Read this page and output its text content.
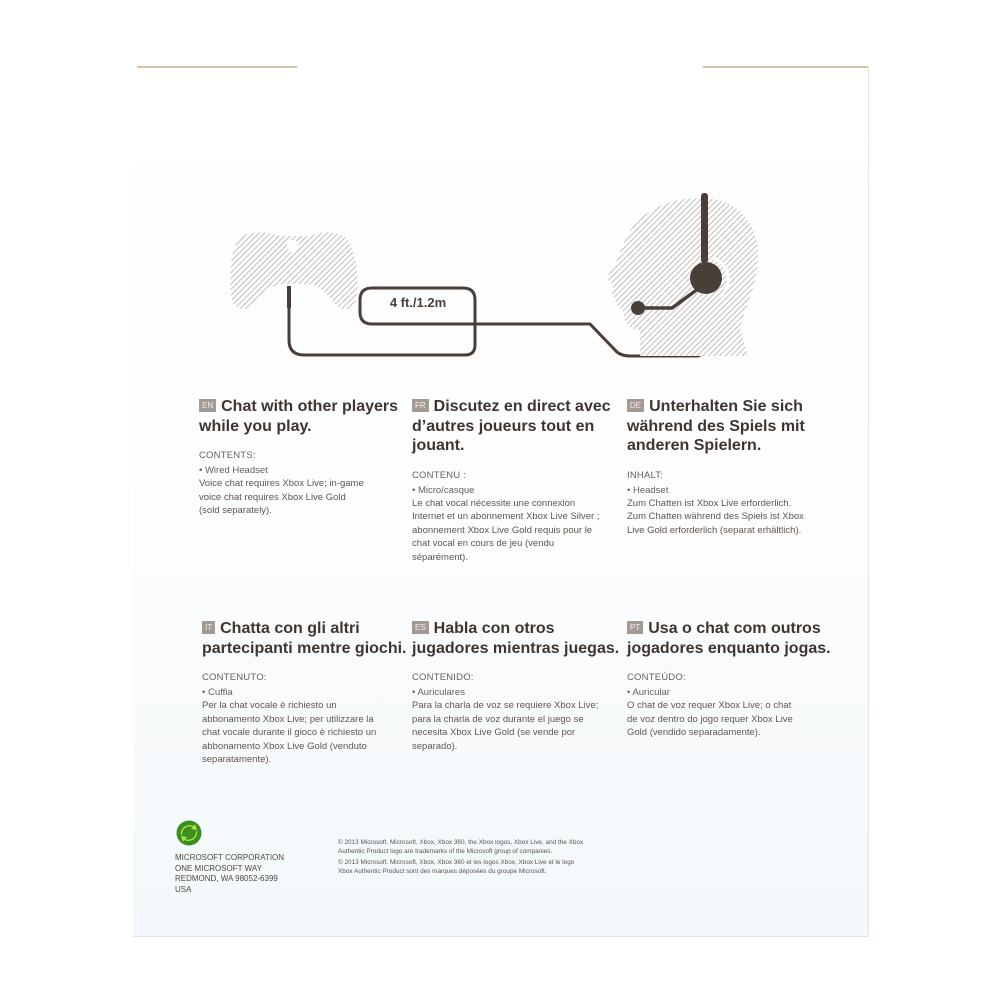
4 ft./1.2m

EN Chat with other players while you play.

CONTENTS:
• Wired Headset
Voice chat requires Xbox Live; in-game voice chat requires Xbox Live Gold (sold separately).

FR Discutez en direct avec d’autres joueurs tout en jouant.

CONTENU :
• Micro/casque
Le chat vocal nécessite une connexion Internet et un abonnement Xbox Live Silver ; abonnement Xbox Live Gold requis pour le chat vocal en cours de jeu (vendu séparément).

DE Unterhalten Sie sich während des Spiels mit anderen Spielern.

INHALT:
• Headset
Zum Chatten ist Xbox Live erforderlich. Zum Chatten während des Spiels ist Xbox Live Gold erforderlich (separat erhältlich).

IT Chatta con gli altri partecipanti mentre giochi.

CONTENUTO:
• Cuffia
Per la chat vocale è richiesto un abbonamento Xbox Live; per utilizzare la chat vocale durante il gioco è richiesto un abbonamento Xbox Live Gold (venduto separatamente).

ES Habla con otros jugadores mientras juegas.

CONTENIDO:
• Auriculares
Para la charla de voz se requiere Xbox Live; para la charla de voz durante el juego se necesita Xbox Live Gold (se vende por separado).

PT Usa o chat com outros jogadores enquanto jogas.

CONTEÚDO:
• Auricular
O chat de voz requer Xbox Live; o chat de voz dentro do jogo requer Xbox Live Gold (vendido separadamente).
MICROSOFT CORPORATION
ONE MICROSOFT WAY
REDMOND, WA 98052-6399
USA

© 2013 Microsoft. Microsoft, Xbox, Xbox 360, the Xbox logos, Xbox Live, and the Xbox Authentic Product logo are trademarks of the Microsoft group of companies.

© 2013 Microsoft. Microsoft, Xbox, Xbox 360 et les logos Xbox, Xbox Live et le logo Xbox Authentic Product sont des marques déposées du groupe Microsoft.
